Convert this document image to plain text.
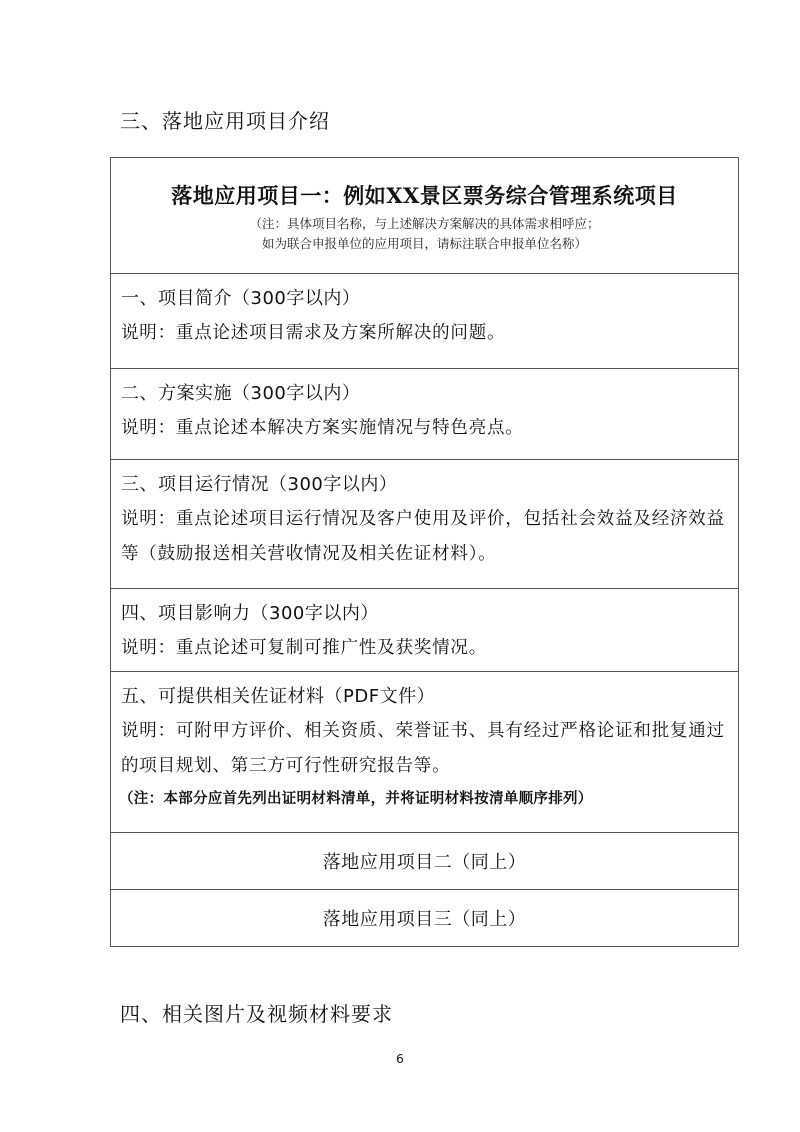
三、落地应用项目介绍
落地应用项目一：例如XX景区票务综合管理系统项目
（注：具体项目名称，与上述解决方案解决的具体需求相呼应；
如为联合申报单位的应用项目，请标注联合申报单位名称）

一、项目简介（300字以内）
说明：重点论述项目需求及方案所解决的问题。

二、方案实施（300字以内）
说明：重点论述本解决方案实施情况与特色亮点。

三、项目运行情况（300字以内）
说明：重点论述项目运行情况及客户使用及评价，包括社会效益及经济效益等（鼓励报送相关营收情况及相关佐证材料）。

四、项目影响力（300字以内）
说明：重点论述可复制可推广性及获奖情况。

五、可提供相关佐证材料（PDF文件）
说明：可附甲方评价、相关资质、荣誉证书、具有经过严格论证和批复通过的项目规划、第三方可行性研究报告等。
（注：本部分应首先列出证明材料清单，并将证明材料按清单顺序排列）

落地应用项目二（同上）
落地应用项目三（同上）
四、相关图片及视频材料要求
6
